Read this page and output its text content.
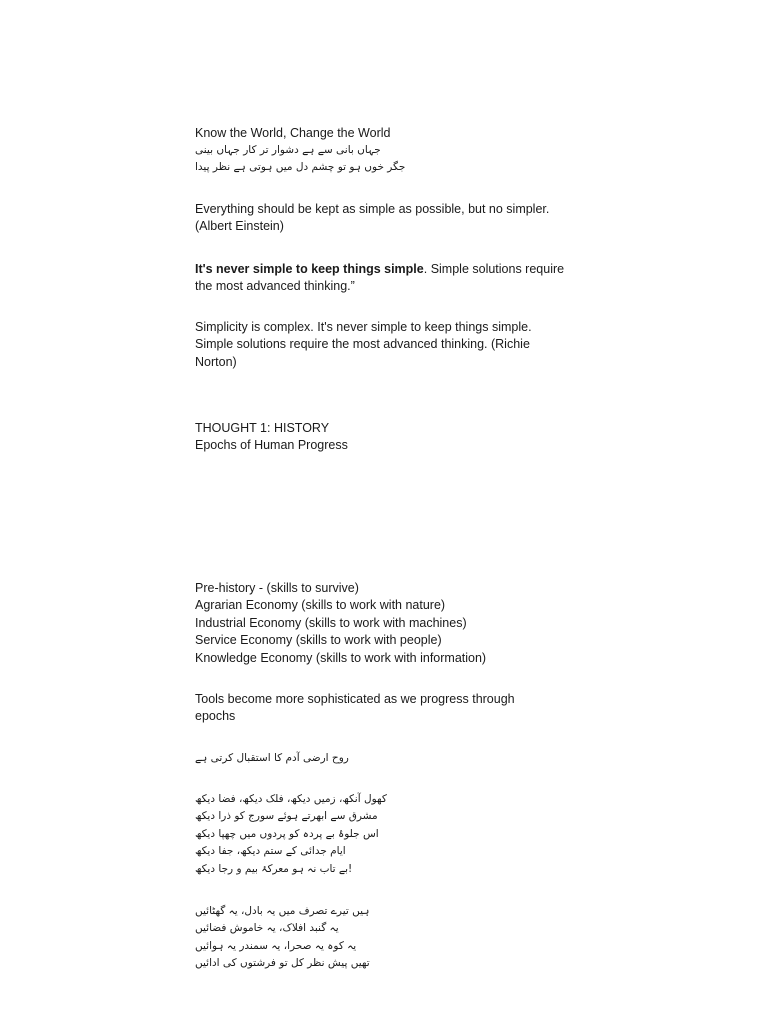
Know the World, Change the World
جہاں بانی سے ہے دشوار تر کار جہاں بینی
جگر خوں ہو تو چشم دل میں ہوتی ہے نظر پیدا
Everything should be kept as simple as possible, but no simpler.
(Albert Einstein)
It's never simple to keep things simple. Simple solutions require
the most advanced thinking.”
Simplicity is complex. It's never simple to keep things simple.
Simple solutions require the most advanced thinking. (Richie
Norton)
THOUGHT 1: HISTORY
Epochs of Human Progress
Pre-history - (skills to survive)
Agrarian Economy (skills to work with nature)
Industrial Economy (skills to work with machines)
Service Economy (skills to work with people)
Knowledge Economy (skills to work with information)
Tools become more sophisticated as we progress through
epochs
روح ارضی آدم کا استقبال کرتی ہے
کھول آنکھ، زمیں دیکھ، فلک دیکھ، فضا دیکھ
مشرق سے ابھرتے ہوئے سورج کو ذرا دیکھ
اس جلوۂ بے پردہ کو پردوں میں چھپا دیکھ
ایام جدائی کے ستم دیکھ، جفا دیکھ
!بے تاب نہ ہو معرکۂ بیم و رجا دیکھ
ہیں تیرے تصرف میں یہ بادل، یہ گھٹائیں
یہ گنبد افلاک، یہ خاموش فضائیں
یہ کوہ یہ صحرا، یہ سمندر یہ ہوائیں
تھیں پیش نظر کل تو فرشتوں کی ادائیں
